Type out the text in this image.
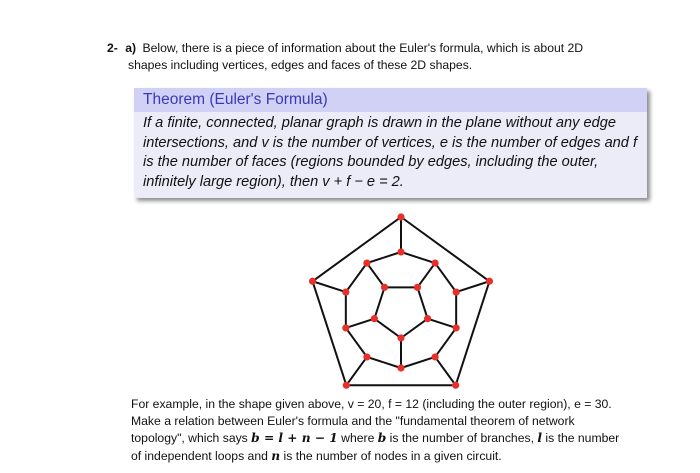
2- a) Below, there is a piece of information about the Euler's formula, which is about 2D
shapes including vertices, edges and faces of these 2D shapes.
Theorem (Euler's Formula)
If a finite, connected, planar graph is drawn in the plane without any edge intersections, and v is the number of vertices, e is the number of edges and f is the number of faces (regions bounded by edges, including the outer, infinitely large region), then v + f − e = 2.
For example, in the shape given above, v = 20, f = 12 (including the outer region), e = 30. Make a relation between Euler's formula and the "fundamental theorem of network topology", which says b = l + n − 1 where b is the number of branches, l is the number of independent loops and n is the number of nodes in a given circuit.
